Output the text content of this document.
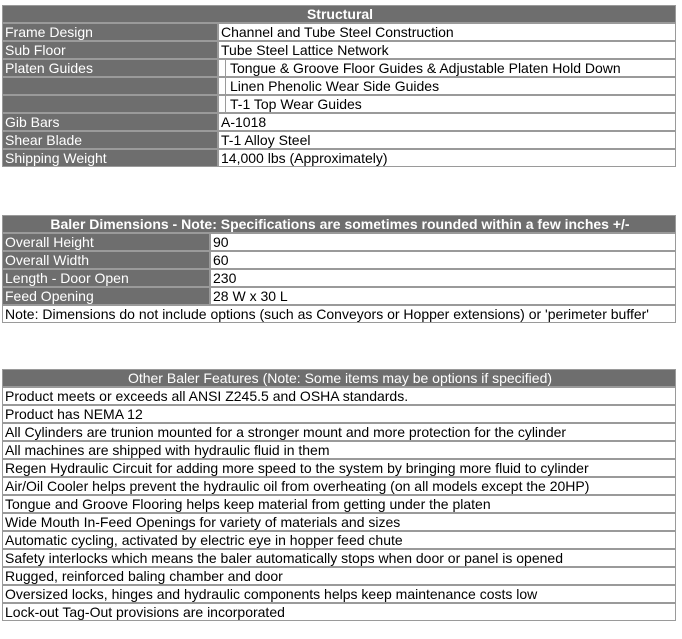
Structural	
Frame Design	Channel and Tube Steel Construction
Sub Floor	Tube Steel Lattice Network
Platen Guides	Tongue & Groove Floor Guides & Adjustable Platen Hold Down
	Linen Phenolic Wear Side Guides
	T-1 Top Wear Guides
Gib Bars	A-1018
Shear Blade	T-1 Alloy Steel
Shipping Weight	14,000 lbs (Approximately)
Baler Dimensions - Note: Specifications are sometimes rounded within a few inches +/-	
Overall Height	90
Overall Width	60
Length - Door Open	230
Feed Opening	28 W x 30 L
Note: Dimensions do not include options (such as Conveyors or Hopper extensions) or 'perimeter buffer'	
Other Baler Features (Note: Some items may be options if specified)
Product meets or exceeds all ANSI Z245.5 and OSHA standards.
Product has NEMA 12
All Cylinders are trunion mounted for a stronger mount and more protection for the cylinder
All machines are shipped with hydraulic fluid in them
Regen Hydraulic Circuit for adding more speed to the system by bringing more fluid to cylinder
Air/Oil Cooler helps prevent the hydraulic oil from overheating (on all models except the 20HP)
Tongue and Groove Flooring helps keep material from getting under the platen
Wide Mouth In-Feed Openings for variety of materials and sizes
Automatic cycling, activated by electric eye in hopper feed chute
Safety interlocks which means the baler automatically stops when door or panel is opened
Rugged, reinforced baling chamber and door
Oversized locks, hinges and hydraulic components helps keep maintenance costs low
Lock-out Tag-Out provisions are incorporated
